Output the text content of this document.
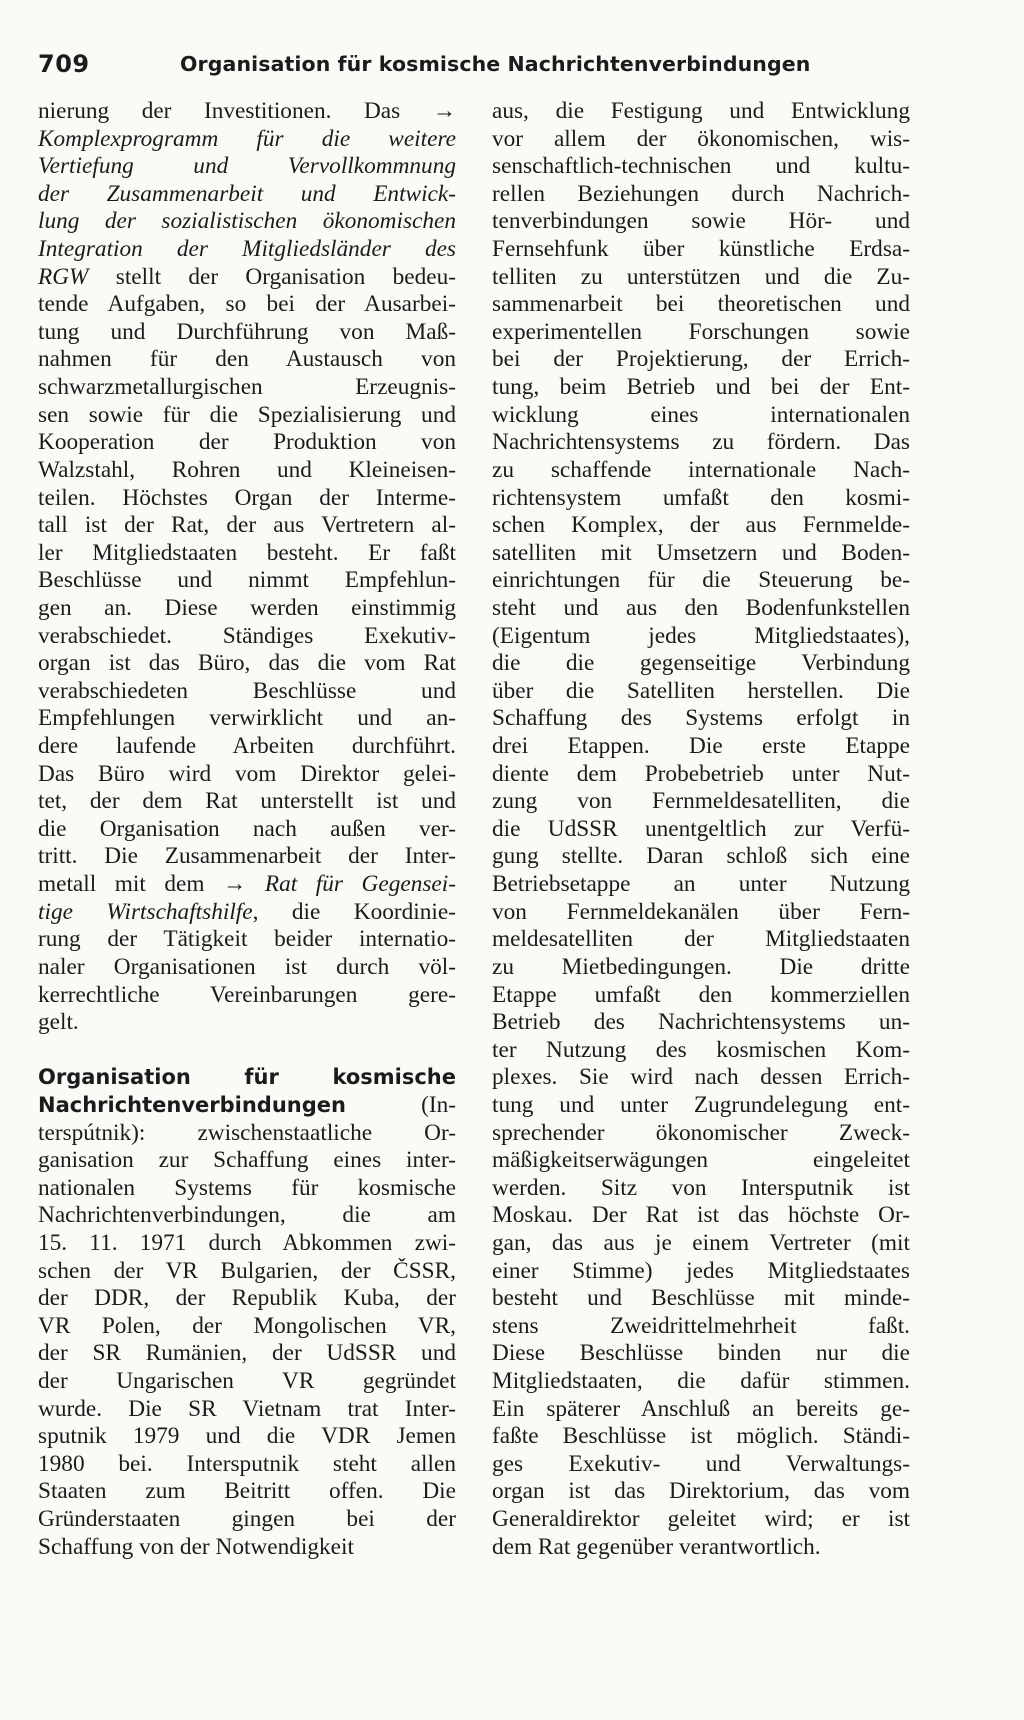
709	Organisation für kosmische Nachrichtenverbindungen
nierung der Investitionen. Das →
Komplexprogramm für die weitere
Vertiefung und Vervollkommnung
der Zusammenarbeit und Entwick-
lung der sozialistischen ökonomischen
Integration der Mitgliedsländer des
RGW stellt der Organisation bedeu-
tende Aufgaben, so bei der Ausarbei-
tung und Durchführung von Maß-
nahmen für den Austausch von
schwarzmetallurgischen Erzeugnis-
sen sowie für die Spezialisierung und
Kooperation der Produktion von
Walzstahl, Rohren und Kleineisen-
teilen. Höchstes Organ der Interme-
tall ist der Rat, der aus Vertretern al-
ler Mitgliedstaaten besteht. Er faßt
Beschlüsse und nimmt Empfehlun-
gen an. Diese werden einstimmig
verabschiedet. Ständiges Exekutiv-
organ ist das Büro, das die vom Rat
verabschiedeten Beschlüsse und
Empfehlungen verwirklicht und an-
dere laufende Arbeiten durchführt.
Das Büro wird vom Direktor gelei-
tet, der dem Rat unterstellt ist und
die Organisation nach außen ver-
tritt. Die Zusammenarbeit der Inter-
metall mit dem → Rat für Gegensei-
tige Wirtschaftshilfe, die Koordinie-
rung der Tätigkeit beider internatio-
naler Organisationen ist durch völ-
kerrechtliche Vereinbarungen gere-
gelt.
Organisation für kosmische
Nachrichtenverbindungen (In-
terspútnik): zwischenstaatliche Or-
ganisation zur Schaffung eines inter-
nationalen Systems für kosmische
Nachrichtenverbindungen, die am
15. 11. 1971 durch Abkommen zwi-
schen der VR Bulgarien, der ČSSR,
der DDR, der Republik Kuba, der
VR Polen, der Mongolischen VR,
der SR Rumänien, der UdSSR und
der Ungarischen VR gegründet
wurde. Die SR Vietnam trat Inter-
sputnik 1979 und die VDR Jemen
1980 bei. Intersputnik steht allen
Staaten zum Beitritt offen. Die
Gründerstaaten gingen bei der
Schaffung von der Notwendigkeit
aus, die Festigung und Entwicklung
vor allem der ökonomischen, wis-
senschaftlich-technischen und kultu-
rellen Beziehungen durch Nachrich-
tenverbindungen sowie Hör- und
Fernsehfunk über künstliche Erdsa-
telliten zu unterstützen und die Zu-
sammenarbeit bei theoretischen und
experimentellen Forschungen sowie
bei der Projektierung, der Errich-
tung, beim Betrieb und bei der Ent-
wicklung eines internationalen
Nachrichtensystems zu fördern. Das
zu schaffende internationale Nach-
richtensystem umfaßt den kosmi-
schen Komplex, der aus Fernmelde-
satelliten mit Umsetzern und Boden-
einrichtungen für die Steuerung be-
steht und aus den Bodenfunkstellen
(Eigentum jedes Mitgliedstaates),
die die gegenseitige Verbindung
über die Satelliten herstellen. Die
Schaffung des Systems erfolgt in
drei Etappen. Die erste Etappe
diente dem Probebetrieb unter Nut-
zung von Fernmeldesatelliten, die
die UdSSR unentgeltlich zur Verfü-
gung stellte. Daran schloß sich eine
Betriebsetappe an unter Nutzung
von Fernmeldekanälen über Fern-
meldesatelliten der Mitgliedstaaten
zu Mietbedingungen. Die dritte
Etappe umfaßt den kommerziellen
Betrieb des Nachrichtensystems un-
ter Nutzung des kosmischen Kom-
plexes. Sie wird nach dessen Errich-
tung und unter Zugrundelegung ent-
sprechender ökonomischer Zweck-
mäßigkeitserwägungen eingeleitet
werden. Sitz von Intersputnik ist
Moskau. Der Rat ist das höchste Or-
gan, das aus je einem Vertreter (mit
einer Stimme) jedes Mitgliedstaates
besteht und Beschlüsse mit minde-
stens Zweidrittelmehrheit faßt.
Diese Beschlüsse binden nur die
Mitgliedstaaten, die dafür stimmen.
Ein späterer Anschluß an bereits ge-
faßte Beschlüsse ist möglich. Ständi-
ges Exekutiv- und Verwaltungs-
organ ist das Direktorium, das vom
Generaldirektor geleitet wird; er ist
dem Rat gegenüber verantwortlich.
